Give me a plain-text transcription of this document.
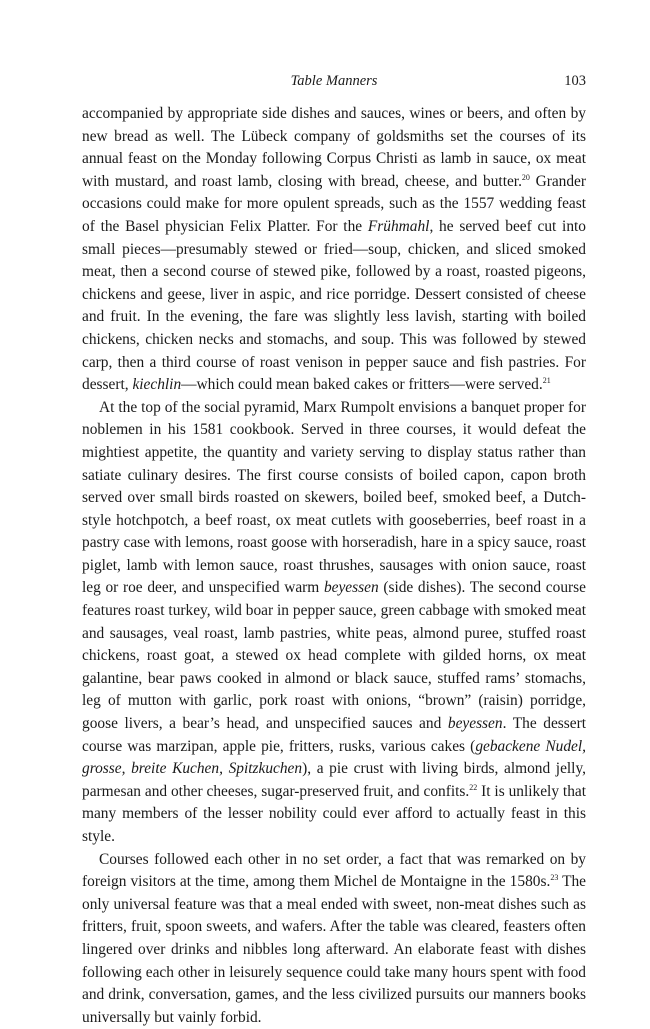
Table Manners	103

accompanied by appropriate side dishes and sauces, wines or beers, and often by new bread as well. The Lübeck company of goldsmiths set the courses of its annual feast on the Monday following Corpus Christi as lamb in sauce, ox meat with mustard, and roast lamb, closing with bread, cheese, and butter.$^{20}$ Grander occasions could make for more opulent spreads, such as the 1557 wedding feast of the Basel physician Felix Platter. For the Frühmahl, he served beef cut into small pieces—presumably stewed or fried—soup, chicken, and sliced smoked meat, then a second course of stewed pike, followed by a roast, roasted pigeons, chickens and geese, liver in aspic, and rice porridge. Dessert consisted of cheese and fruit. In the evening, the fare was slightly less lavish, starting with boiled chickens, chicken necks and stomachs, and soup. This was followed by stewed carp, then a third course of roast venison in pepper sauce and fish pastries. For dessert, kiechlin—which could mean baked cakes or fritters—were served.$^{21}$

At the top of the social pyramid, Marx Rumpolt envisions a banquet proper for noblemen in his 1581 cookbook. Served in three courses, it would defeat the mightiest appetite, the quantity and variety serving to display status rather than satiate culinary desires. The first course consists of boiled capon, capon broth served over small birds roasted on skewers, boiled beef, smoked beef, a Dutch-style hotchpotch, a beef roast, ox meat cutlets with gooseberries, beef roast in a pastry case with lemons, roast goose with horseradish, hare in a spicy sauce, roast piglet, lamb with lemon sauce, roast thrushes, sausages with onion sauce, roast leg or roe deer, and unspecified warm beyessen (side dishes). The second course features roast turkey, wild boar in pepper sauce, green cabbage with smoked meat and sausages, veal roast, lamb pastries, white peas, almond puree, stuffed roast chickens, roast goat, a stewed ox head complete with gilded horns, ox meat galantine, bear paws cooked in almond or black sauce, stuffed rams’ stomachs, leg of mutton with garlic, pork roast with onions, “brown” (raisin) porridge, goose livers, a bear’s head, and unspecified sauces and beyessen. The dessert course was marzipan, apple pie, fritters, rusks, various cakes (gebackene Nudel, grosse, breite Kuchen, Spitzkuchen), a pie crust with living birds, almond jelly, parmesan and other cheeses, sugar-preserved fruit, and confits.$^{22}$ It is unlikely that many members of the lesser nobility could ever afford to actually feast in this style.

Courses followed each other in no set order, a fact that was remarked on by foreign visitors at the time, among them Michel de Montaigne in the 1580s.$^{23}$ The only universal feature was that a meal ended with sweet, non-meat dishes such as fritters, fruit, spoon sweets, and wafers. After the table was cleared, feasters often lingered over drinks and nibbles long afterward. An elaborate feast with dishes following each other in leisurely sequence could take many hours spent with food and drink, conversation, games, and the less civilized pursuits our manners books universally but vainly forbid.
